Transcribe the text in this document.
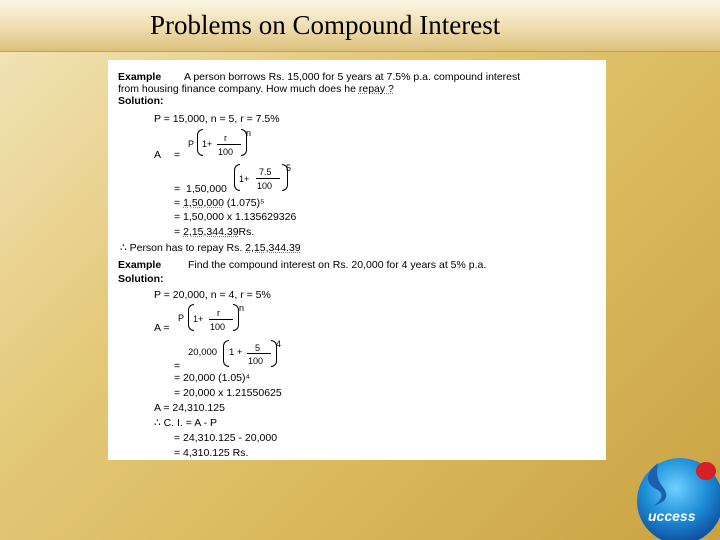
Problems on Compound Interest
Example A person borrows Rs. 15,000 for 5 years at 7.5% p.a. compound interest
from housing finance company. How much does he repay ?
Solution:
P = 15,000, n = 5, r = 7.5%
A =
P 1+
r
100
n
= 1,50,000
1+
7.5
100
5
= 1,50,000 (1.075)⁵
= 1,50,000 x 1.135629326
= 2,15,344.39Rs.
∴ Person has to repay Rs. 2,15,344.39
Example	Find the compound interest on Rs. 20,000 for 4 years at 5% p.a.
Solution:
P = 20,000, n = 4, r = 5%
A =
P 1+
r
100
n
20,000 1 + 5
100
4
=
= 20,000 (1.05)⁴
= 20,000 x 1.21550625
A = 24,310.125
∴ C. I. = A - P
= 24,310.125 - 20,000
= 4,310.125 Rs.
uccess
